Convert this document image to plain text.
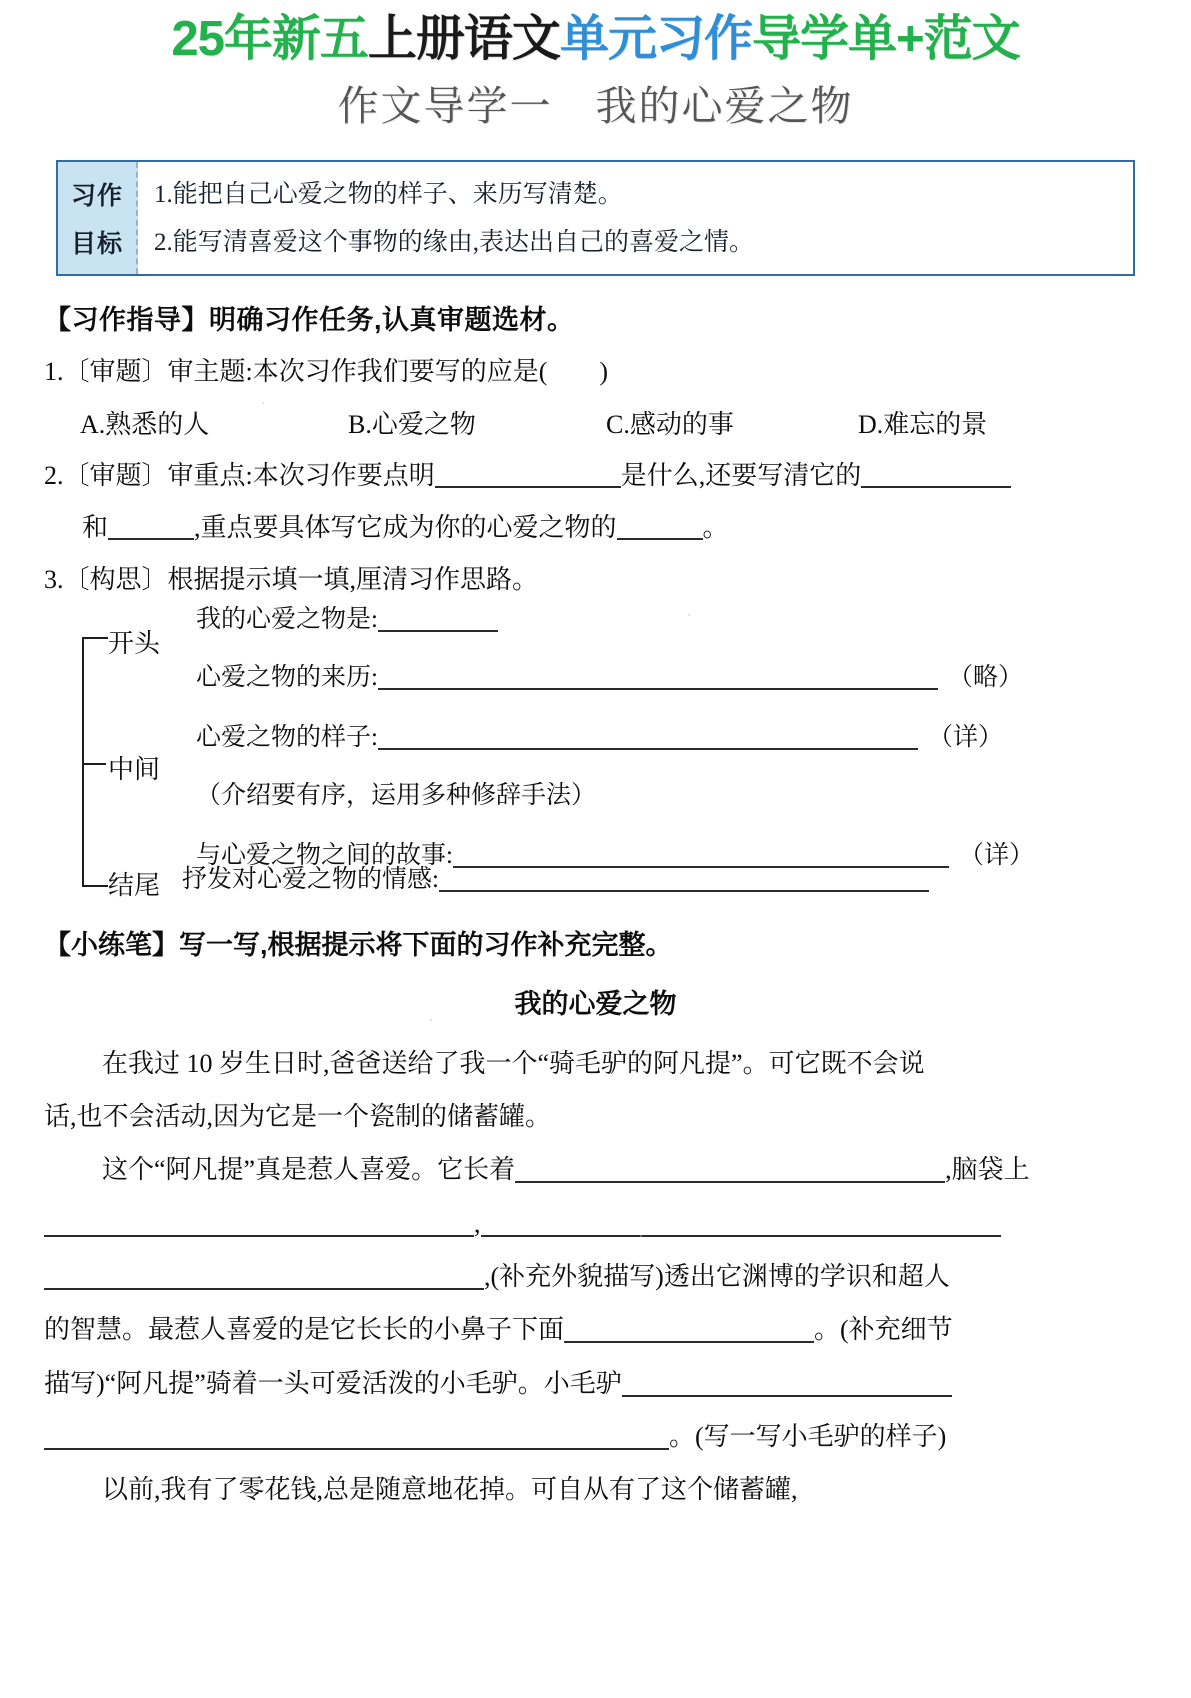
25年新五上册语文单元习作导学单+范文
作文导学一　我的心爱之物
习作
目标
1.能把自己心爱之物的样子、来历写清楚。
2.能写清喜爱这个事物的缘由,表达出自己的喜爱之情。
【习作指导】明确习作任务,认真审题选材。
1.〔审题〕审主题:本次习作我们要写的应是(　　)
A.熟悉的人	B.心爱之物	C.感动的事	D.难忘的景
2.〔审题〕审重点:本次习作要点明	是什么,还要写清它的
和	,重点要具体写它成为你的心爱之物的	。
3.〔构思〕根据提示填一填,厘清习作思路。
开头
中间
结尾
我的心爱之物是:
心爱之物的来历:	（略）
心爱之物的样子:	（详）
（介绍要有序，运用多种修辞手法）
与心爱之物之间的故事:	（详）
抒发对心爱之物的情感:
【小练笔】写一写,根据提示将下面的习作补充完整。
我的心爱之物
在我过 10 岁生日时,爸爸送给了我一个“骑毛驴的阿凡提”。可它既不会说
话,也不会活动,因为它是一个瓷制的储蓄罐。
这个“阿凡提”真是惹人喜爱。它长着	,脑袋上
,
,(补充外貌描写)透出它渊博的学识和超人
的智慧。最惹人喜爱的是它长长的小鼻子下面	。(补充细节
描写)“阿凡提”骑着一头可爱活泼的小毛驴。小毛驴
。(写一写小毛驴的样子)
以前,我有了零花钱,总是随意地花掉。可自从有了这个储蓄罐,
